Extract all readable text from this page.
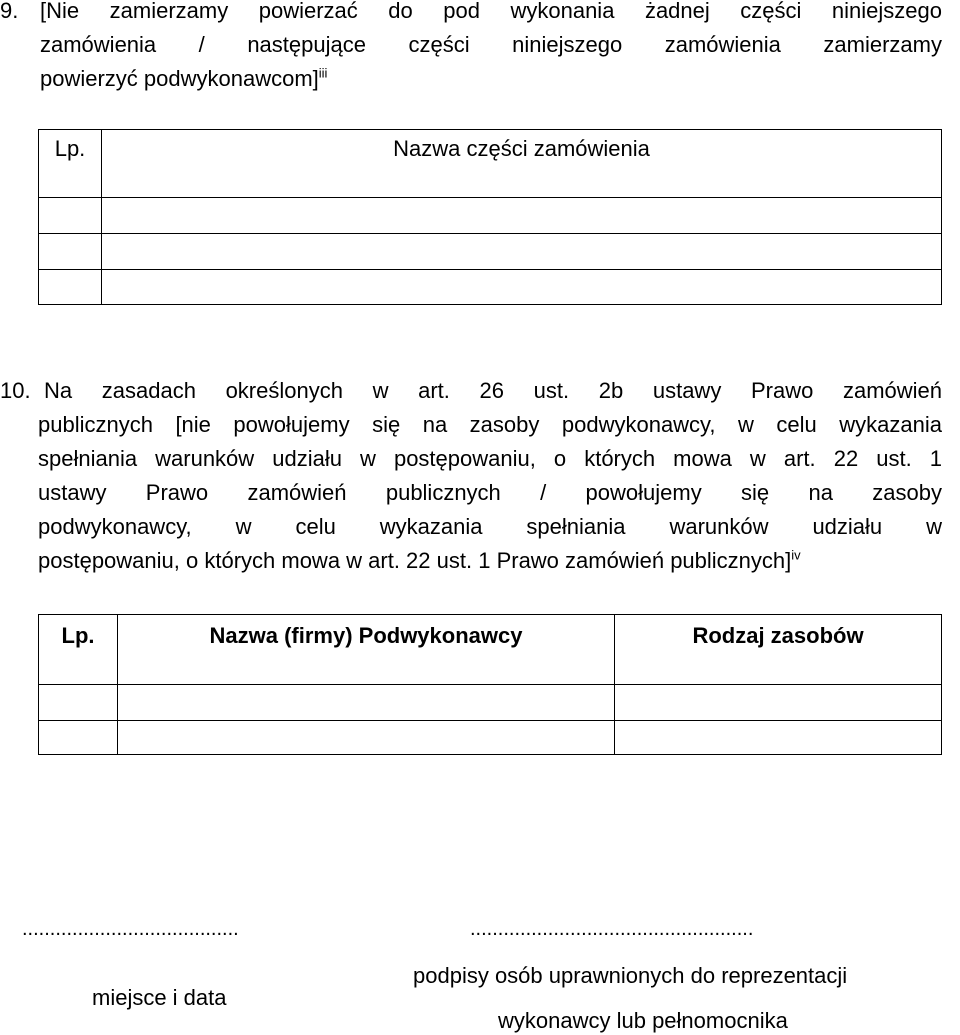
9. [Nie zamierzamy powierzać do pod wykonania żadnej części niniejszego
zamówienia / następujące części niniejszego zamówienia zamierzamy
powierzyć podwykonawcom]$^{iii}$
Lp.	Nazwa części zamówienia

10. Na zasadach określonych w art. 26 ust. 2b ustawy Prawo zamówień
publicznych [nie powołujemy się na zasoby podwykonawcy, w celu wykazania
spełniania warunków udziału w postępowaniu, o których mowa w art. 22 ust. 1
ustawy Prawo zamówień publicznych / powołujemy się na zasoby
podwykonawcy, w celu wykazania spełniania warunków udziału w
postępowaniu, o których mowa w art. 22 ust. 1 Prawo zamówień publicznych]$^{iv}$
Lp.	Nazwa (firmy) Podwykonawcy	Rodzaj zasobów

.......................................
miejsce i data
...................................................
podpisy osób uprawnionych do reprezentacji
wykonawcy lub pełnomocnika
